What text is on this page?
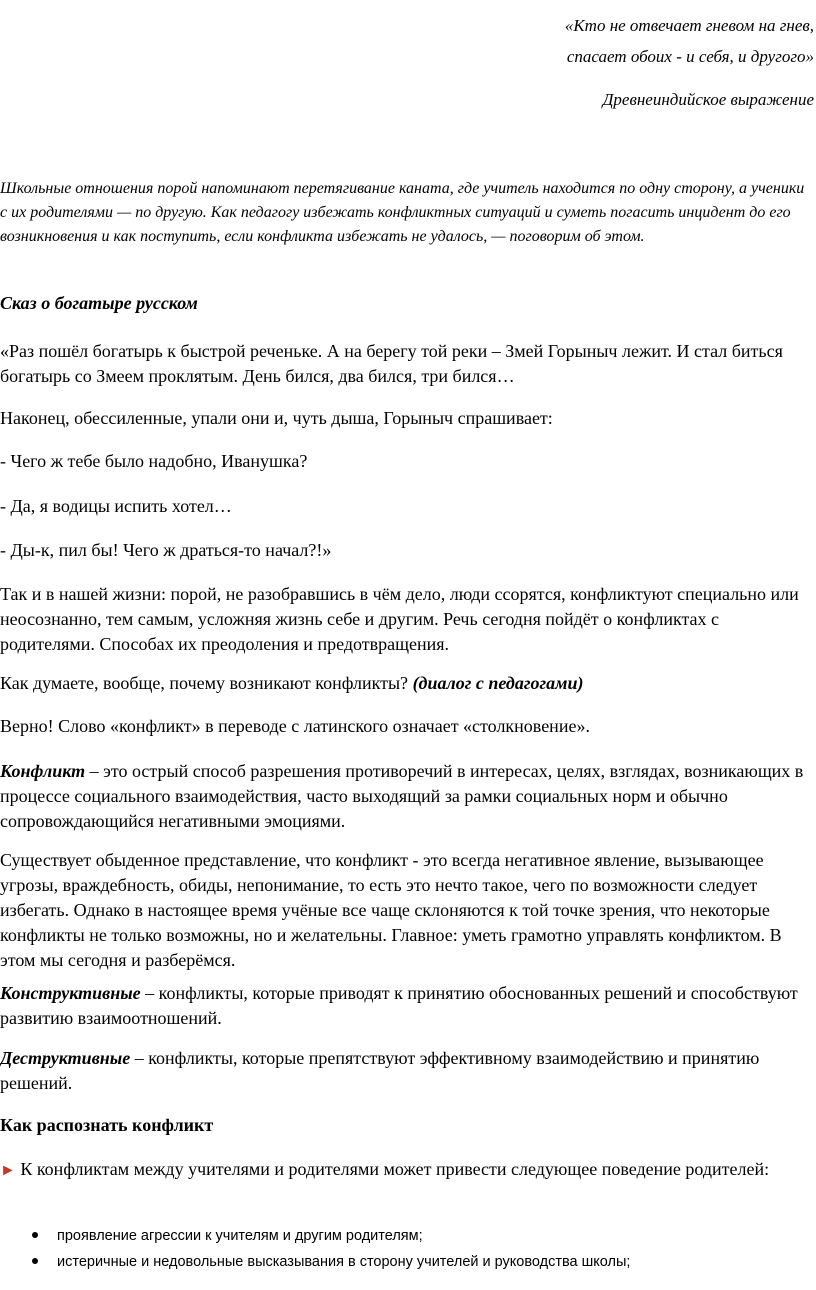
«Кто не отвечает гневом на гнев,
спасает обоих - и себя, и другого»
Древнеиндийское выражение

Школьные отношения порой напоминают перетягивание каната, где учитель находится по одну сторону, а ученики с их родителями — по другую. Как педагогу избежать конфликтных ситуаций и суметь погасить инцидент до его возникновения и как поступить, если конфликта избежать не удалось, — поговорим об этом.

Сказ о богатыре русском

«Раз пошёл богатырь к быстрой реченьке. А на берегу той реки – Змей Горыныч лежит. И стал биться богатырь со Змеем проклятым. День бился, два бился, три бился…

Наконец, обессиленные, упали они и, чуть дыша, Горыныч спрашивает:

- Чего ж тебе было надобно, Иванушка?

- Да, я водицы испить хотел…

- Ды-к, пил бы! Чего ж драться-то начал?!»

Так и в нашей жизни: порой, не разобравшись в чём дело, люди ссорятся, конфликтуют специально или неосознанно, тем самым, усложняя жизнь себе и другим. Речь сегодня пойдёт о конфликтах с родителями. Способах их преодоления и предотвращения.

Как думаете, вообще, почему возникают конфликты? (диалог с педагогами)

Верно! Слово «конфликт» в переводе с латинского означает «столкновение».

Конфликт – это острый способ разрешения противоречий в интересах, целях, взглядах, возникающих в процессе социального взаимодействия, часто выходящий за рамки социальных норм и обычно сопровождающийся негативными эмоциями.

Существует обыденное представление, что конфликт - это всегда негативное явление, вызывающее угрозы, враждебность, обиды, непонимание, то есть это нечто такое, чего по возможности следует избегать. Однако в настоящее время учёные все чаще склоняются к той точке зрения, что некоторые конфликты не только возможны, но и желательны. Главное: уметь грамотно управлять конфликтом. В этом мы сегодня и разберёмся.

Конструктивные – конфликты, которые приводят к принятию обоснованных решений и способствуют развитию взаимоотношений.

Деструктивные – конфликты, которые препятствуют эффективному взаимодействию и принятию решений.

Как распознать конфликт

► К конфликтам между учителями и родителями может привести следующее поведение родителей:

проявление агрессии к учителям и другим родителям;
истеричные и недовольные высказывания в сторону учителей и руководства школы;
